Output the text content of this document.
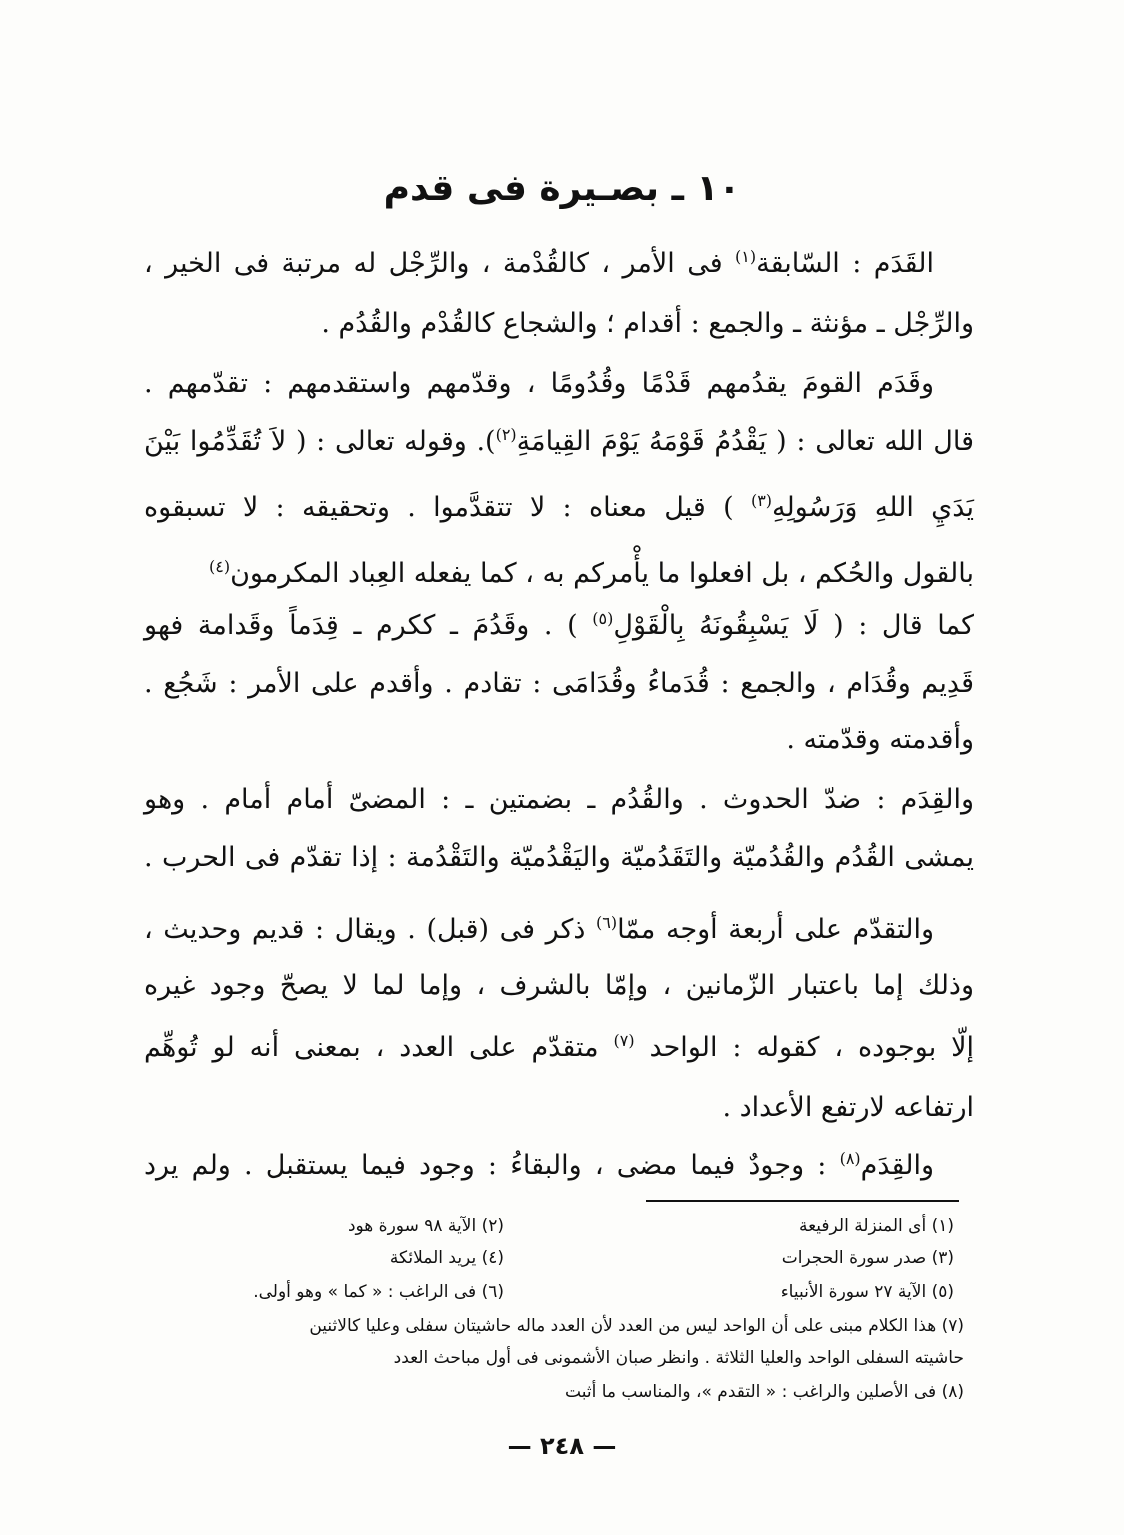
١٠ ـ بصـيرة فى قدم
القَدَم : السّابقة$^{(١)}$ فى الأمر ، كالقُدْمة ، والرِّجْل له مرتبة فى الخير ،
والرِّجْل ـ مؤنثة ـ والجمع : أقدام ؛ والشجاع كالقُدْم والقُدُم .
وقَدَم القومَ يقدُمهم قَدْمًا وقُدُومًا ، وقدّمهم واستقدمهم : تقدّمهم .
قال الله تعالى : ( يَقْدُمُ قَوْمَهُ يَوْمَ القِيامَةِ$^{(٢)}$). وقوله تعالى : ( لاَ تُقَدِّمُوا بَيْنَ
يَدَيِ اللهِ وَرَسُولِهِ$^{(٣)}$ ) قيل معناه : لا تتقدَّموا . وتحقيقه : لا تسبقوه
بالقول والحُكم ، بل افعلوا ما يأْمركم به ، كما يفعله العِباد المكرمون$^{(٤)}$
كما قال : ( لَا يَسْبِقُونَهُ بِالْقَوْلِ$^{(٥)}$ ) . وقَدُمَ ـ ككرم ـ قِدَماً وقَدامة فهو
قَدِيم وقُدَام ، والجمع : قُدَماءُ وقُدَامَى : تقادم . وأقدم على الأمر : شَجُع .
وأقدمته وقدّمته .
والقِدَم : ضدّ الحدوث . والقُدُم ـ بضمتين ـ : المضىّ أمام أمام . وهو
يمشى القُدُم والقُدُميّة والتَقَدُميّة واليَقْدُميّة والتَقْدُمة : إذا تقدّم فى الحرب .
والتقدّم على أربعة أوجه ممّا$^{(٦)}$ ذكر فى (قبل) . ويقال : قديم وحديث ،
وذلك إما باعتبار الزّمانين ، وإمّا بالشرف ، وإما لما لا يصحّ وجود غيره
إلّا بوجوده ، كقوله : الواحد $^{(٧)}$ متقدّم على العدد ، بمعنى أنه لو تُوهِّم
ارتفاعه لارتفع الأعداد .
والقِدَم$^{(٨)}$ : وجودٌ فيما مضى ، والبقاءُ : وجود فيما يستقبل . ولم يرد
(١) أى المنزلة الرفيعة
(٢) الآية ٩٨ سورة هود
(٣) صدر سورة الحجرات
(٤) يريد الملائكة
(٥) الآية ٢٧ سورة الأنبياء
(٦) فى الراغب : « كما » وهو أولى.
(٧) هذا الكلام مبنى على أن الواحد ليس من العدد لأن العدد ماله حاشيتان سفلى وعليا كالاثنين
حاشيته السفلى الواحد والعليا الثلاثة . وانظر صبان الأشمونى فى أول مباحث العدد
(٨) فى الأصلين والراغب : « التقدم »، والمناسب ما أثبت
— ٢٤٨ —
